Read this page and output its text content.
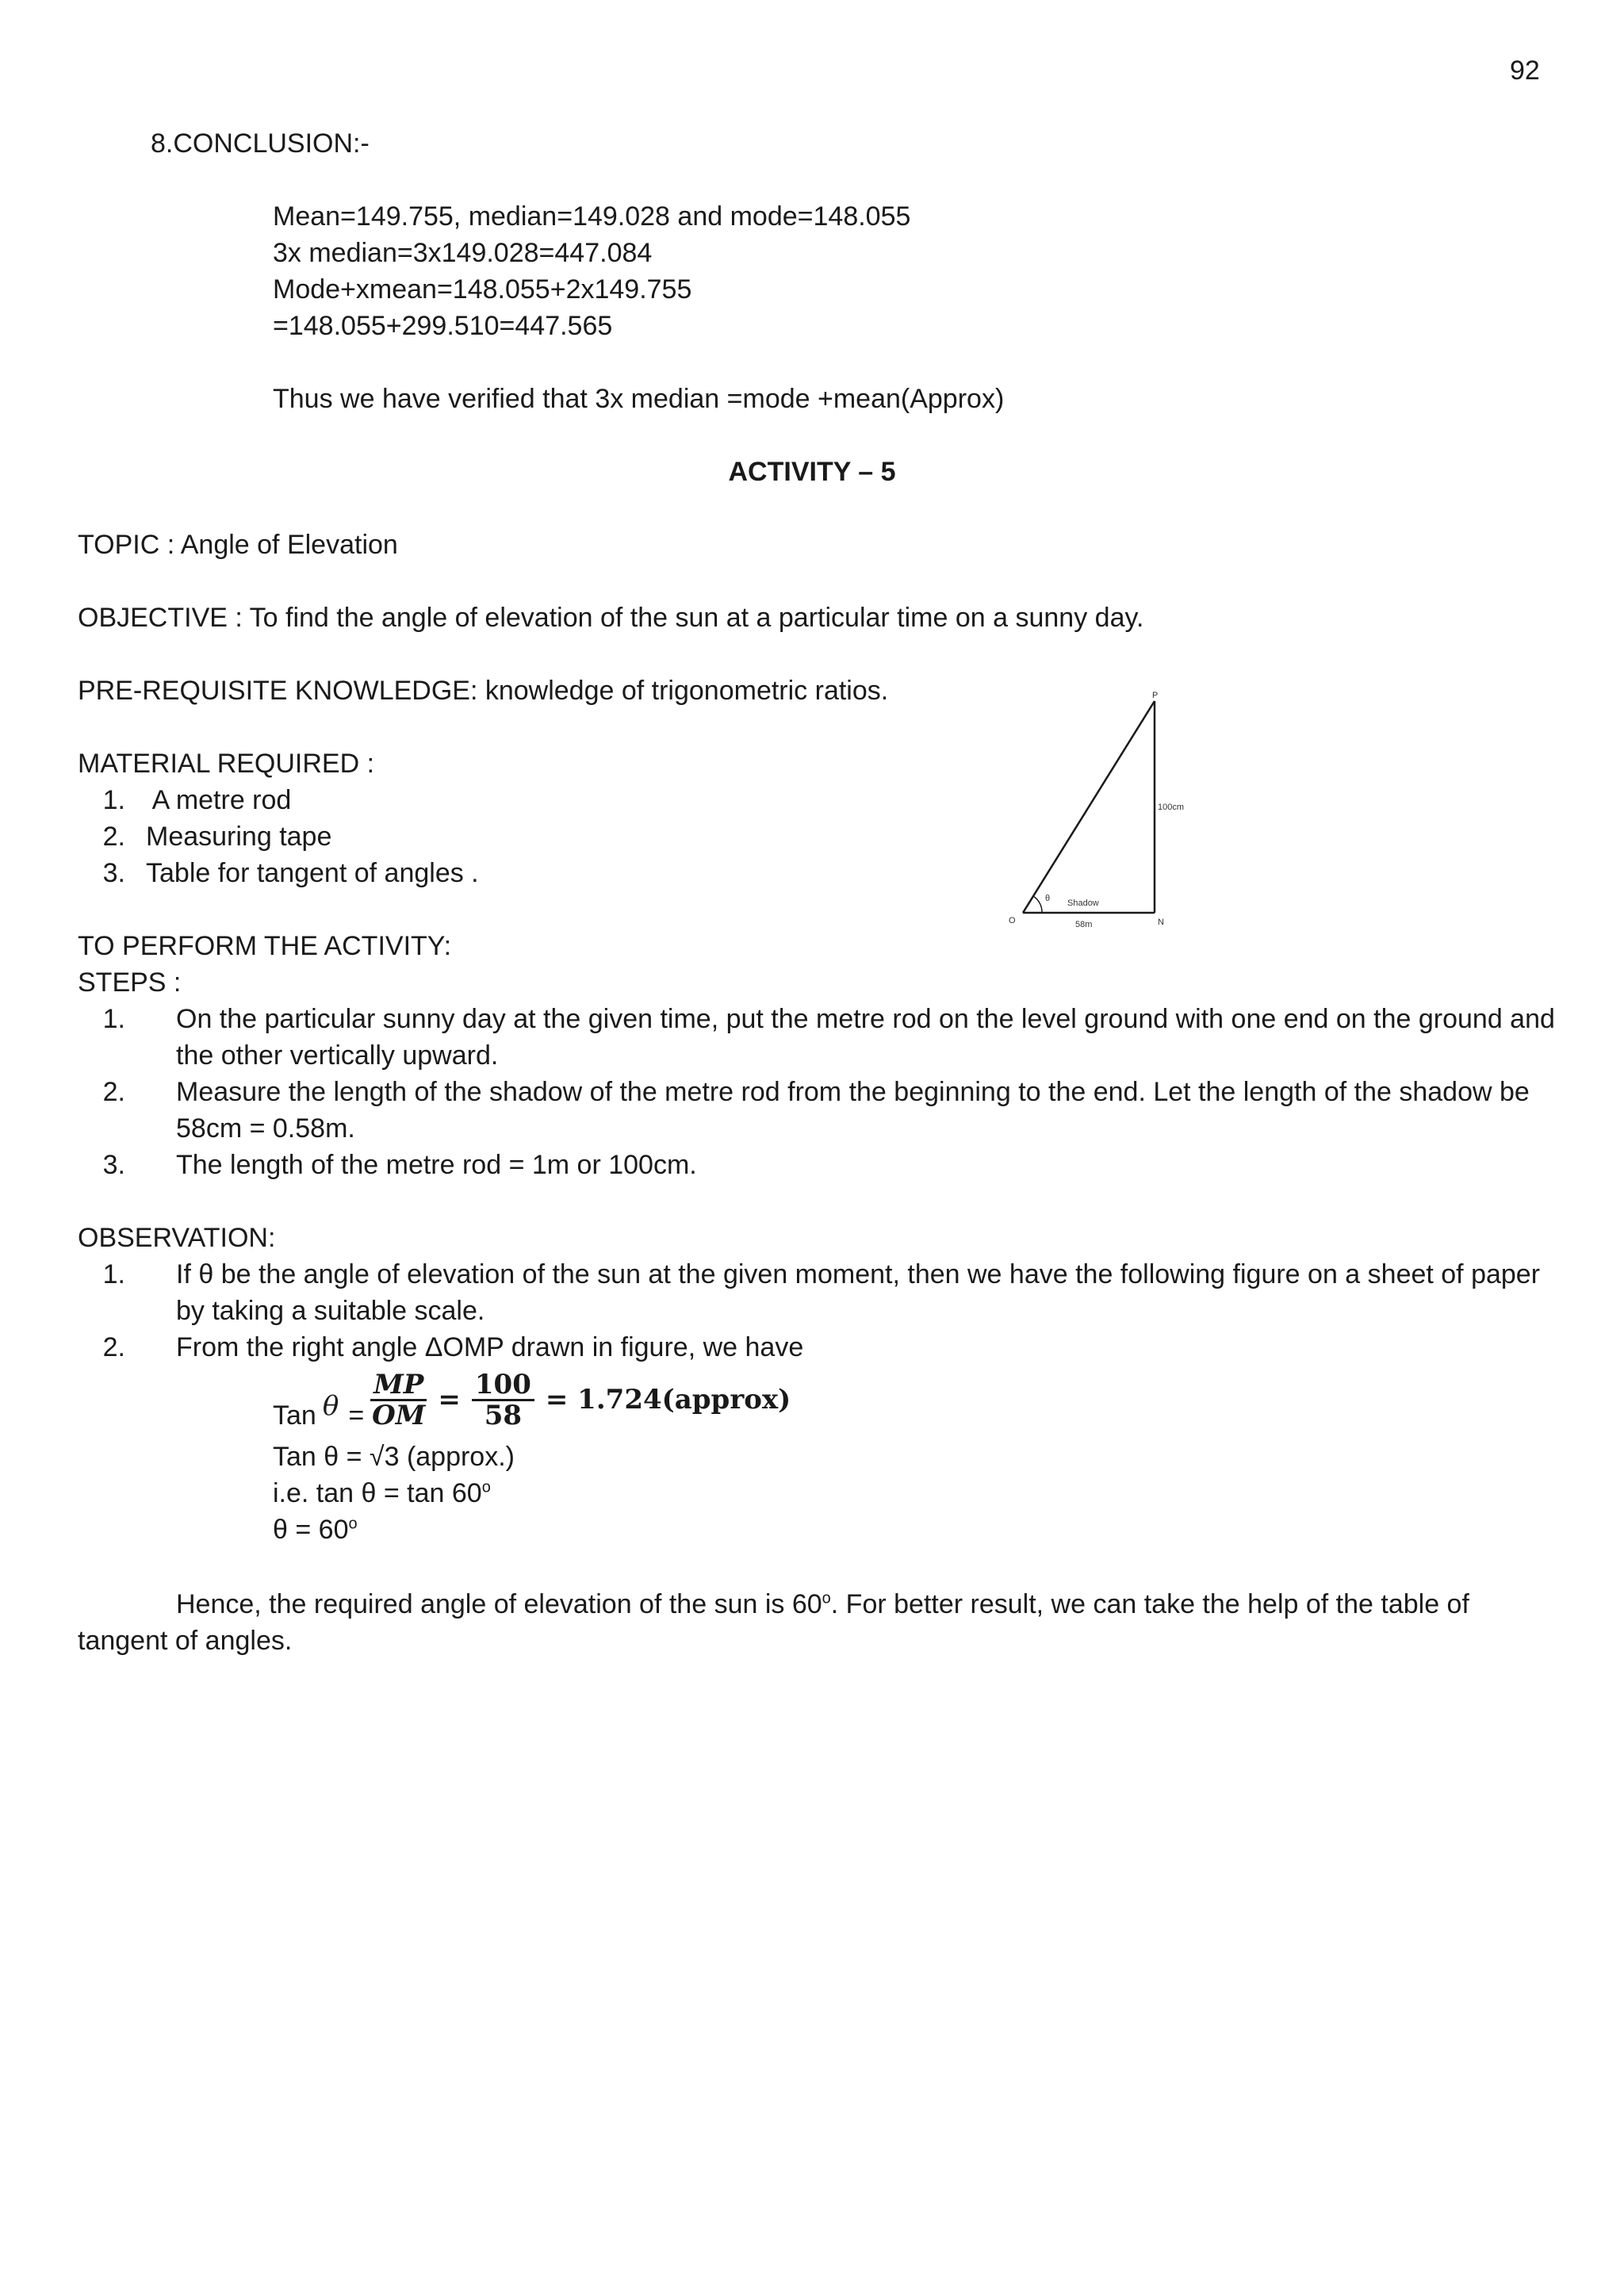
92
8.CONCLUSION:-
Mean=149.755, median=149.028 and mode=148.055
3x median=3x149.028=447.084
Mode+xmean=148.055+2x149.755
=148.055+299.510=447.565
Thus we have verified that 3x median =mode +mean(Approx)
ACTIVITY – 5
TOPIC : Angle of Elevation
OBJECTIVE : To find the angle of elevation of the sun at a particular time on a sunny day.
PRE-REQUISITE KNOWLEDGE: knowledge of trigonometric ratios.
MATERIAL REQUIRED :
1. A metre rod
2. Measuring tape
3. Table for tangent of angles .
P
O	N
θ
100cm
Shadow
58m
TO PERFORM THE ACTIVITY:
STEPS :
1. On the particular sunny day at the given time, put the metre rod on the level ground with one end on the ground and the other vertically upward.
2. Measure the length of the shadow of the metre rod from the beginning to the end. Let the length of the shadow be 58cm = 0.58m.
3. The length of the metre rod = 1m or 100cm.
OBSERVATION:
1. If θ be the angle of elevation of the sun at the given moment, then we have the following figure on a sheet of paper by taking a suitable scale.
2. From the right angle ΔOMP drawn in figure, we have
Tan $\theta = \frac{MP}{OM} = \frac{100}{58}$ = 1.724(approx)
Tan θ = √3 (approx.)
i.e. tan θ = tan 60$^o$
$\theta = 60^o$
Hence, the required angle of elevation of the sun is 60$^o$. For better result, we can take the help of the table of
tangent of angles.
